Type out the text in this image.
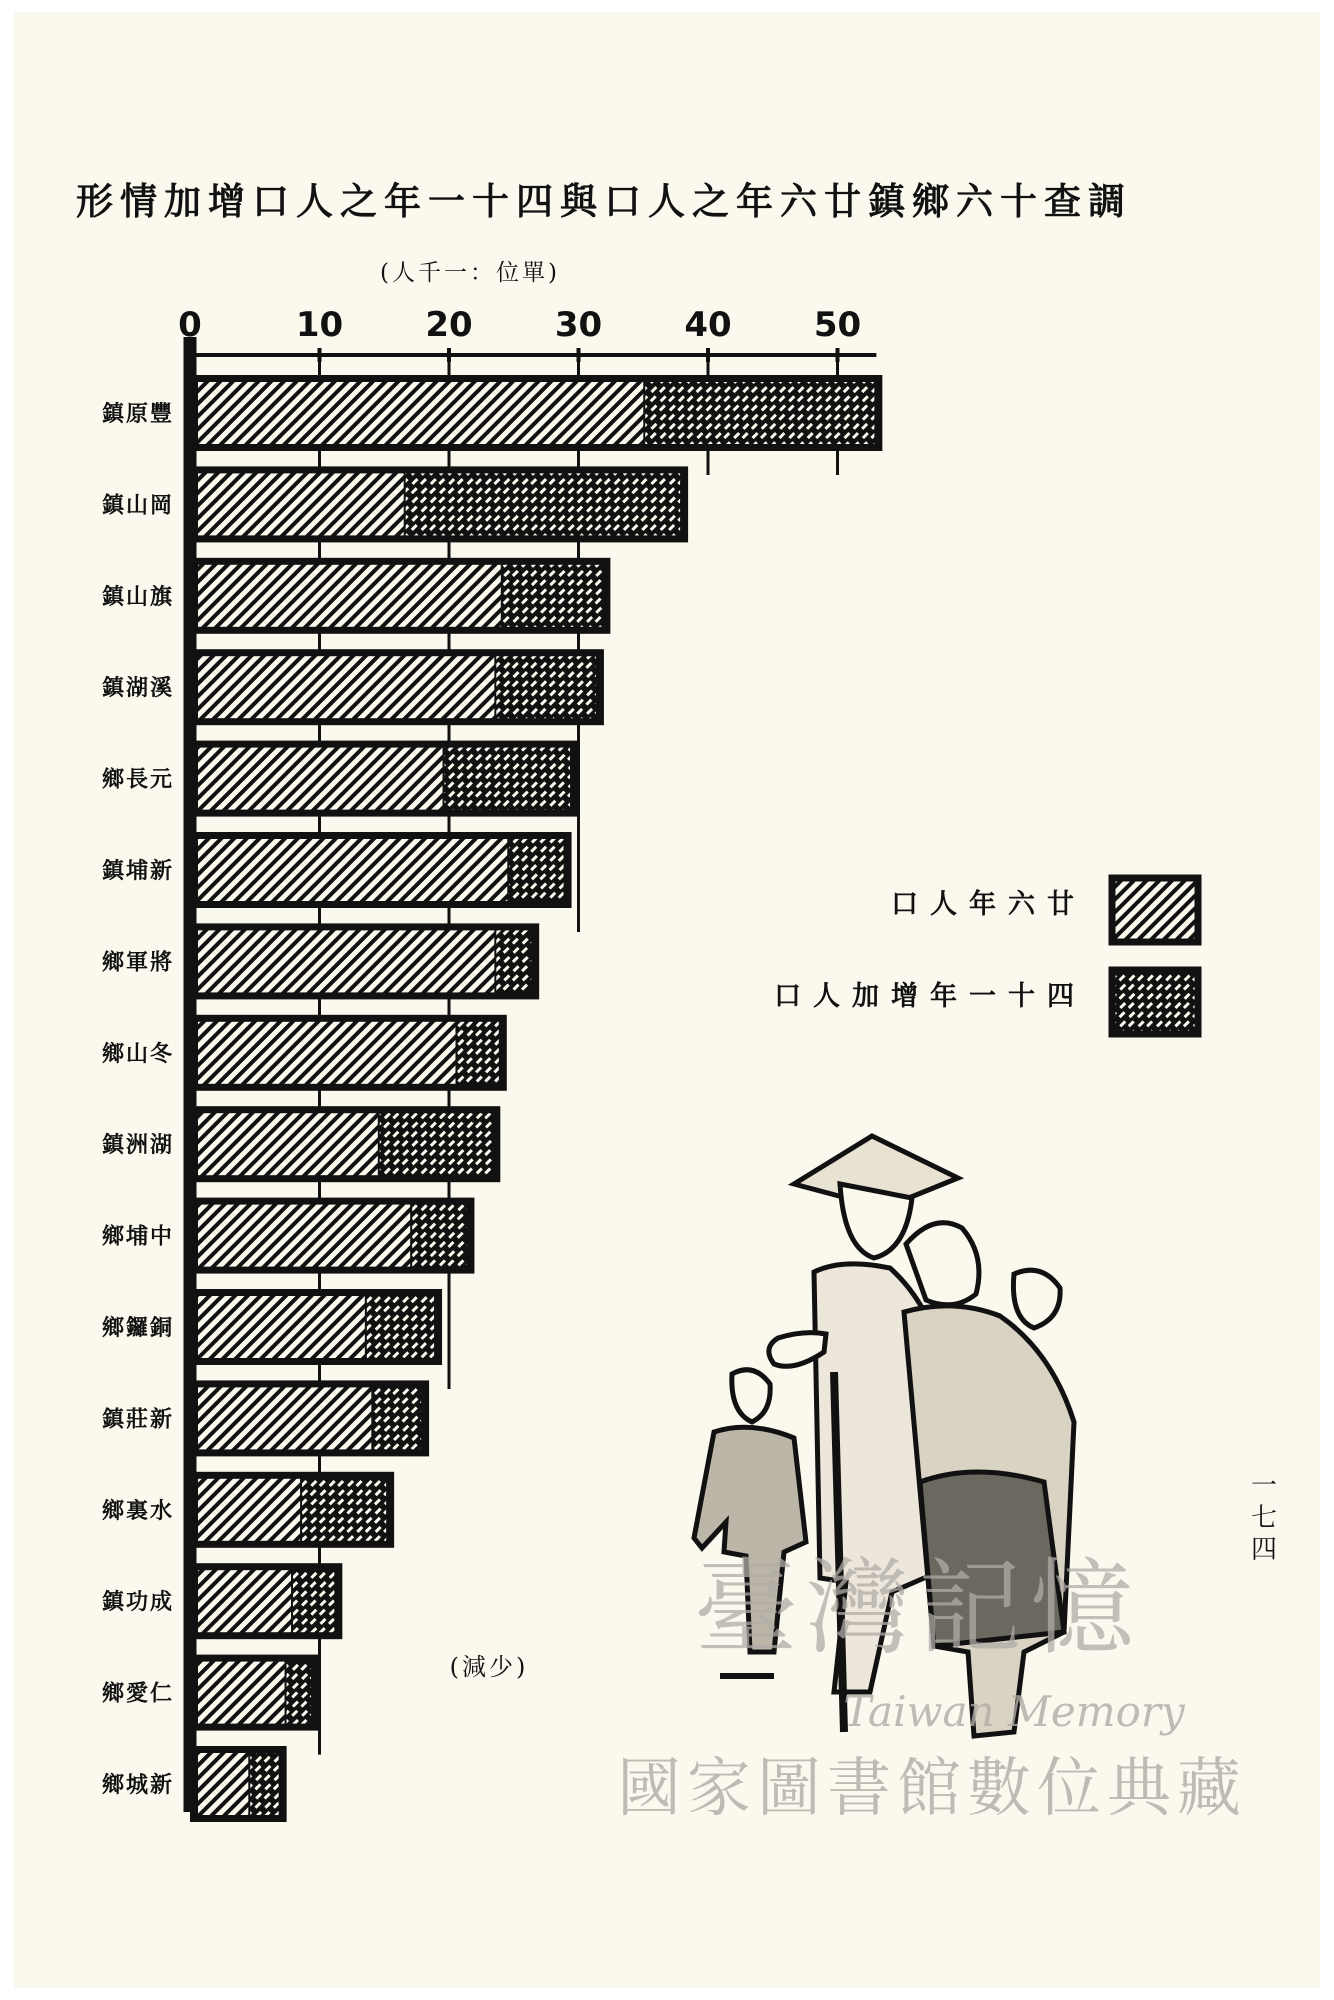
形情加增口人之年一十四與口人之年六廿鎮鄉六十查調
(人千一：位單)
0	10 20 30 40 50
鎮原豐
鎮山岡
鎮山旗
鎮湖溪
鄉長元
鎮埔新
鄉軍將
鄉山冬
鎮洲湖
鄉埔中
鄉鑼銅
鎮莊新
鄉裏水
鎮功成
鄉愛仁
鄉城新
口人年六廿
口人加增年一十四
(減少) 臺灣記憶
Taiwan Memory
國家圖書館數位典藏
一七四
